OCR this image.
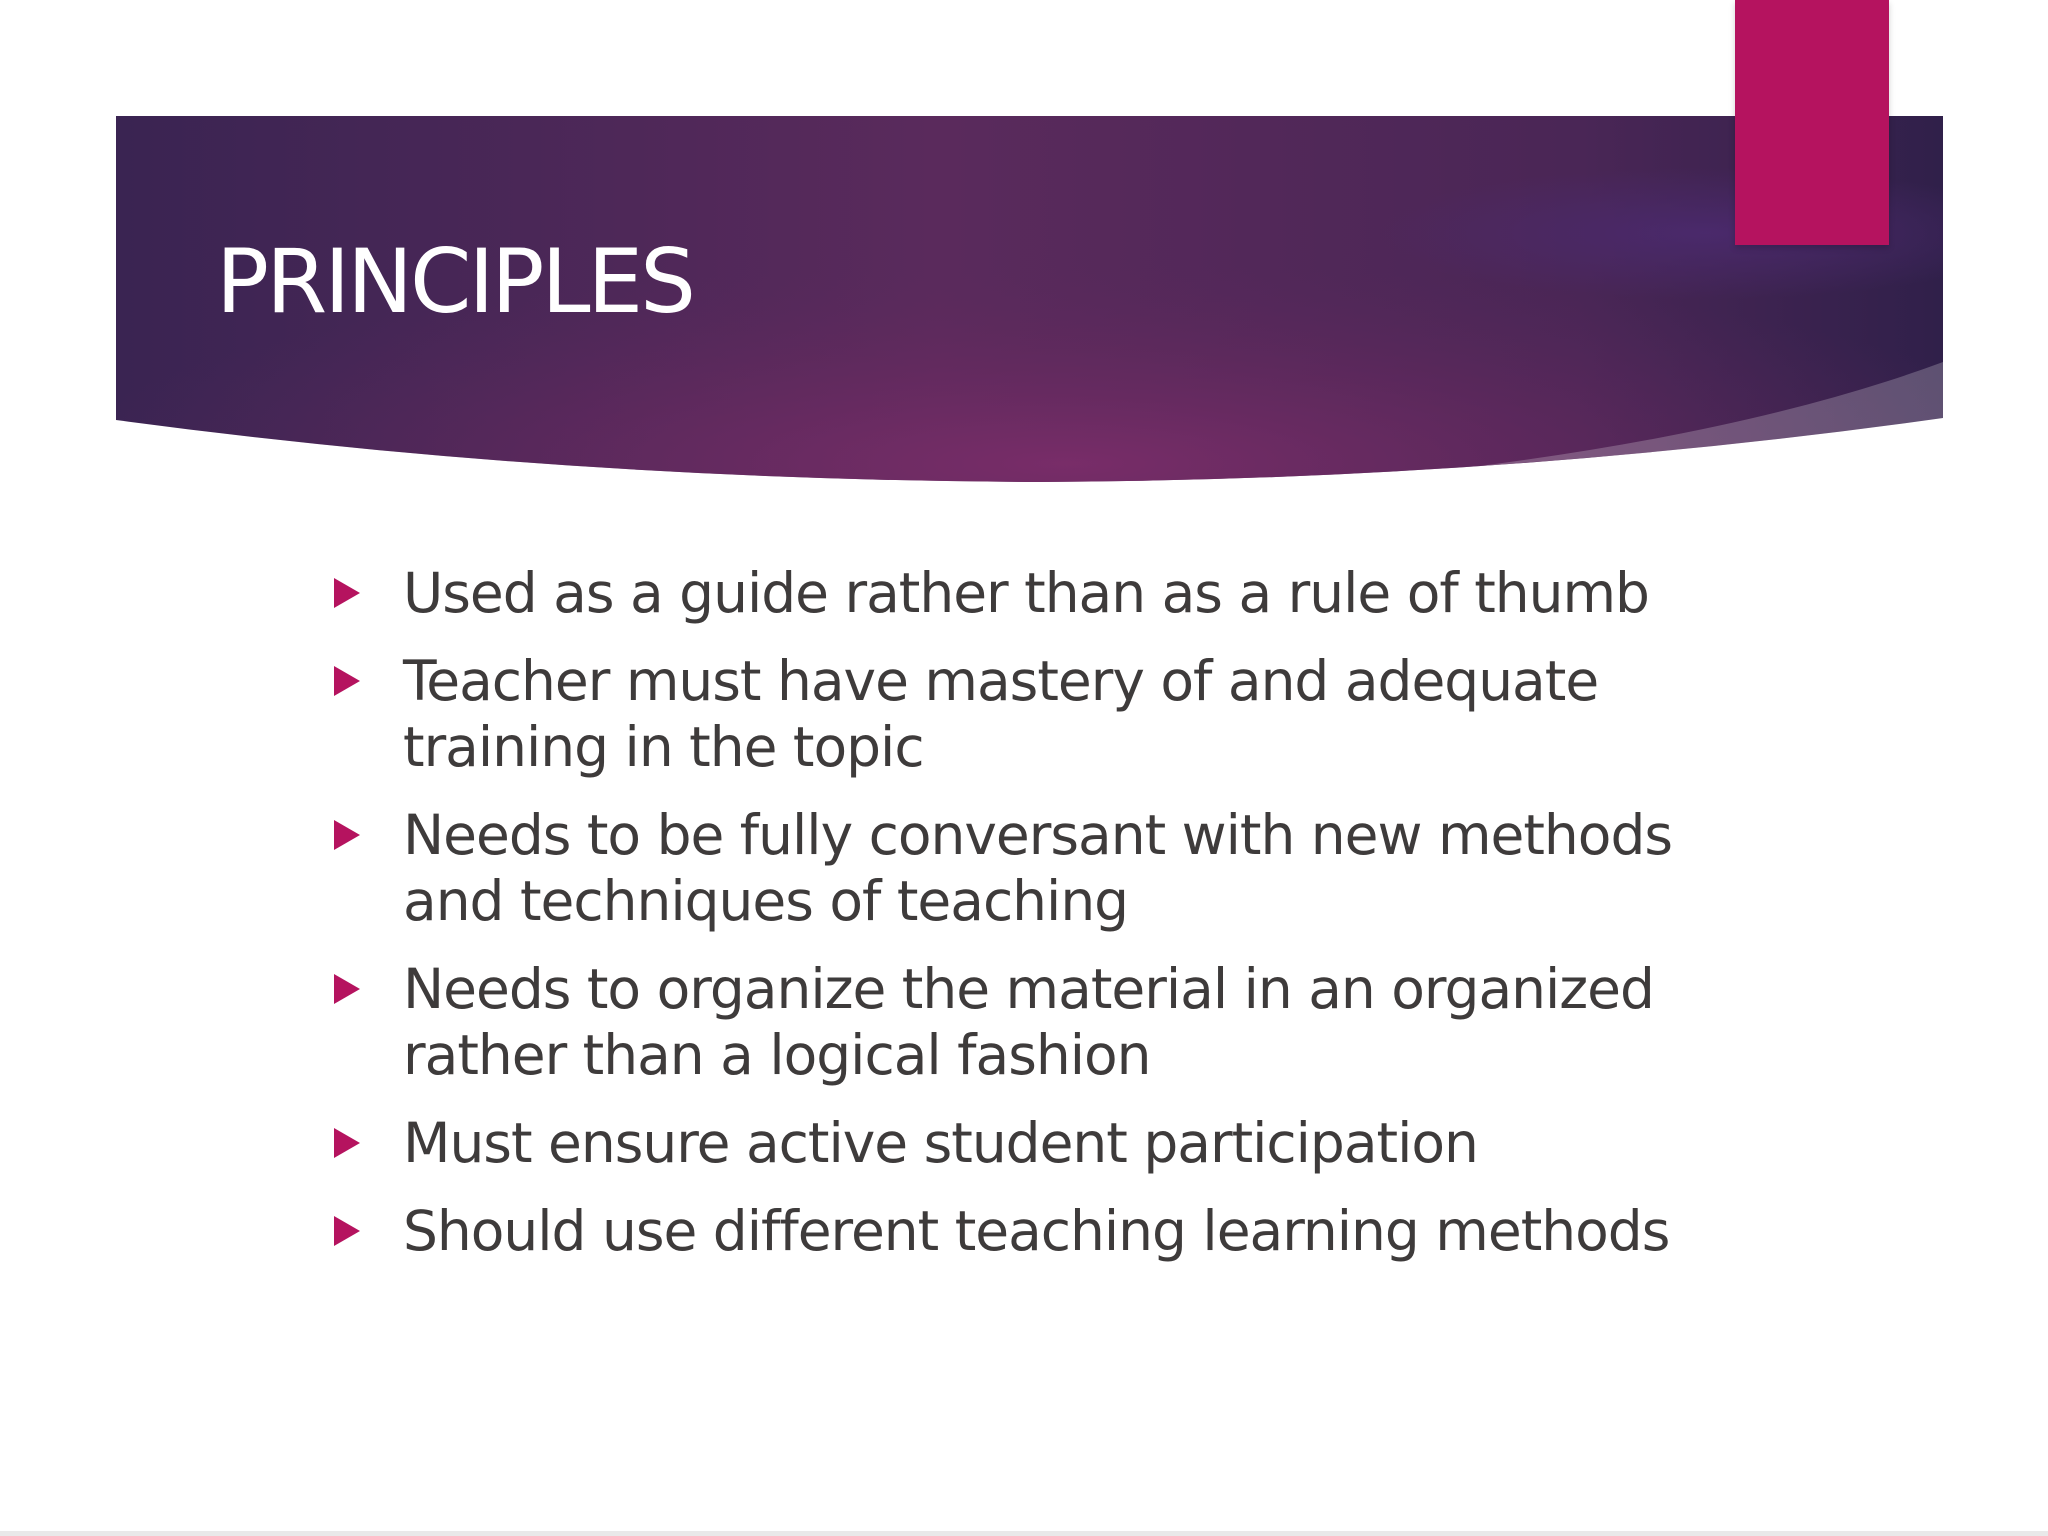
PRINCIPLES
Used as a guide rather than as a rule of thumb
Teacher must have mastery of and adequate training in the topic
Needs to be fully conversant with new methods and techniques of teaching
Needs to organize the material in an organized rather than a logical fashion
Must ensure active student participation
Should use different teaching learning methods
